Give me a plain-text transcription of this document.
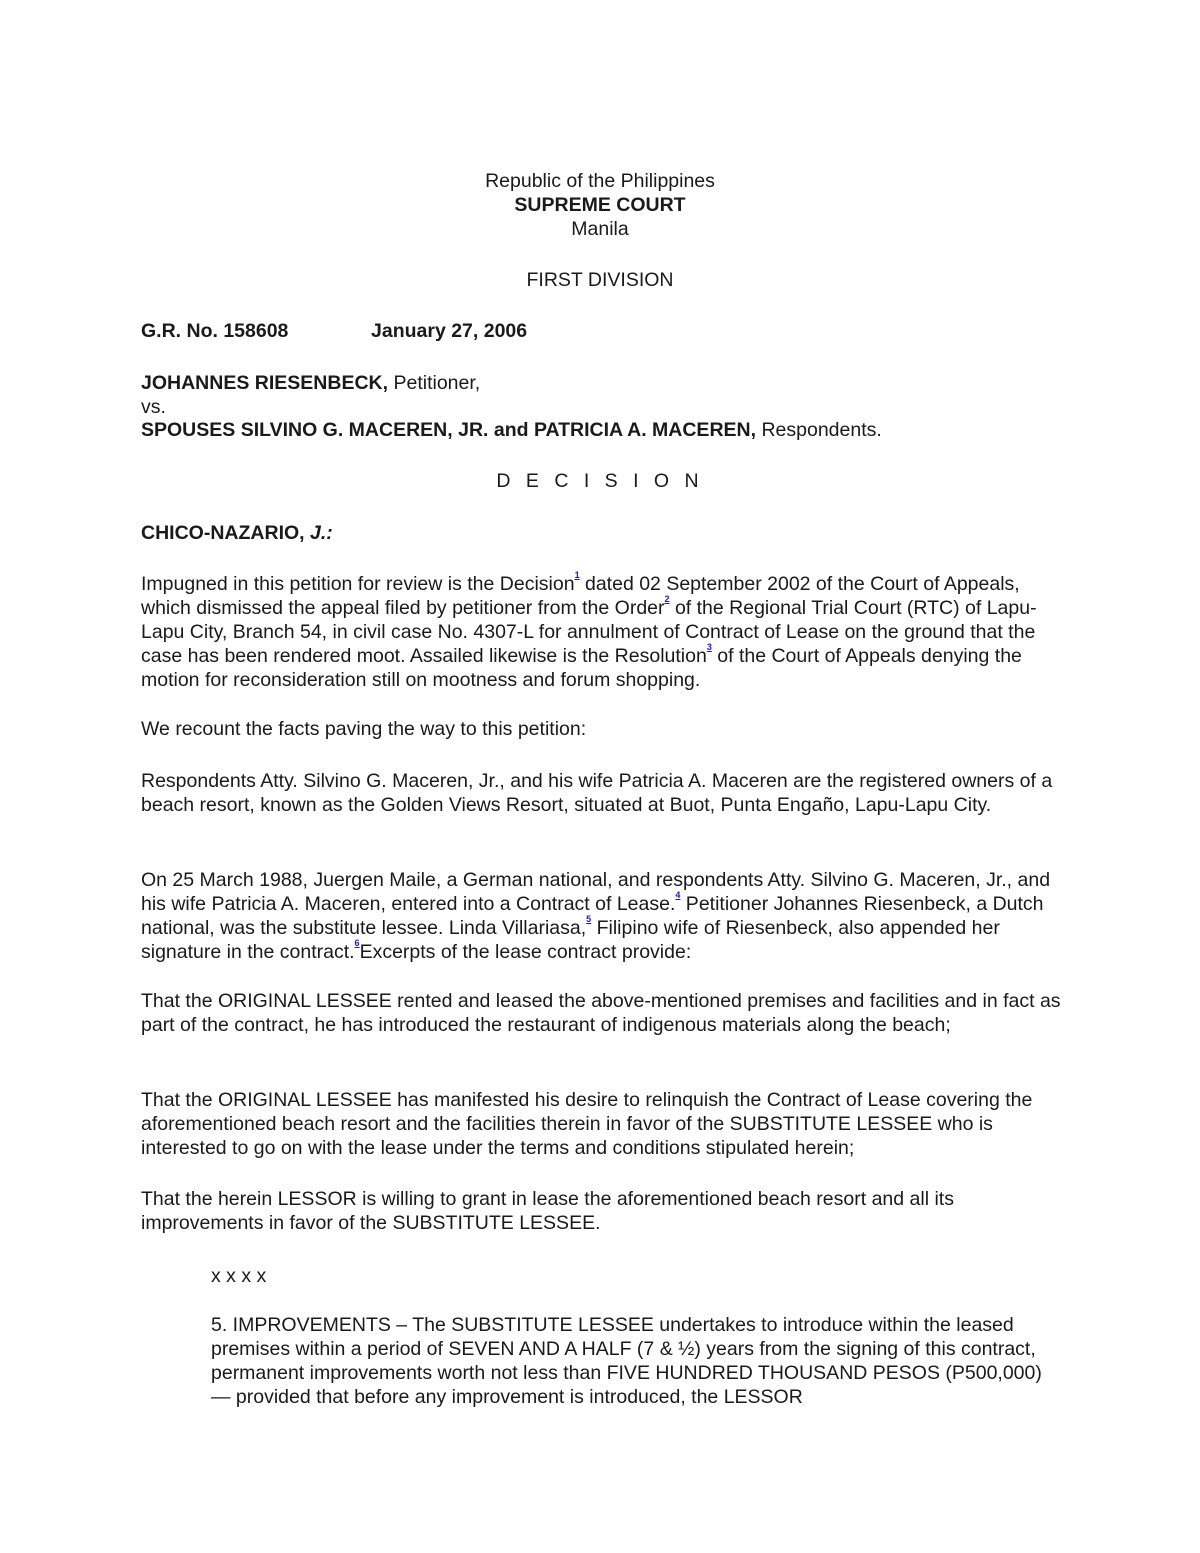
Republic of the Philippines
SUPREME COURT
Manila
FIRST DIVISION
G.R. No. 158608	January 27, 2006
JOHANNES RIESENBECK, Petitioner,
vs.
SPOUSES SILVINO G. MACEREN, JR. and PATRICIA A. MACEREN, Respondents.
D E C I S I O N
CHICO-NAZARIO, J.:
Impugned in this petition for review is the Decision$^1$ dated 02 September 2002 of the Court of Appeals, which dismissed the appeal filed by petitioner from the Order$^2$ of the Regional Trial Court (RTC) of Lapu-Lapu City, Branch 54, in civil case No. 4307-L for annulment of Contract of Lease on the ground that the case has been rendered moot. Assailed likewise is the Resolution$^3$ of the Court of Appeals denying the motion for reconsideration still on mootness and forum shopping.
We recount the facts paving the way to this petition:
Respondents Atty. Silvino G. Maceren, Jr., and his wife Patricia A. Maceren are the registered owners of a beach resort, known as the Golden Views Resort, situated at Buot, Punta Engaño, Lapu-Lapu City.
On 25 March 1988, Juergen Maile, a German national, and respondents Atty. Silvino G. Maceren, Jr., and his wife Patricia A. Maceren, entered into a Contract of Lease.$^4$ Petitioner Johannes Riesenbeck, a Dutch national, was the substitute lessee. Linda Villariasa,$^5$ Filipino wife of Riesenbeck, also appended her signature in the contract.$^6$Excerpts of the lease contract provide:
That the ORIGINAL LESSEE rented and leased the above-mentioned premises and facilities and in fact as part of the contract, he has introduced the restaurant of indigenous materials along the beach;
That the ORIGINAL LESSEE has manifested his desire to relinquish the Contract of Lease covering the aforementioned beach resort and the facilities therein in favor of the SUBSTITUTE LESSEE who is interested to go on with the lease under the terms and conditions stipulated herein;
That the herein LESSOR is willing to grant in lease the aforementioned beach resort and all its improvements in favor of the SUBSTITUTE LESSEE.
x x x x
5. IMPROVEMENTS – The SUBSTITUTE LESSEE undertakes to introduce within the leased premises within a period of SEVEN AND A HALF (7 & ½) years from the signing of this contract, permanent improvements worth not less than FIVE HUNDRED THOUSAND PESOS (P500,000) — provided that before any improvement is introduced, the LESSOR
